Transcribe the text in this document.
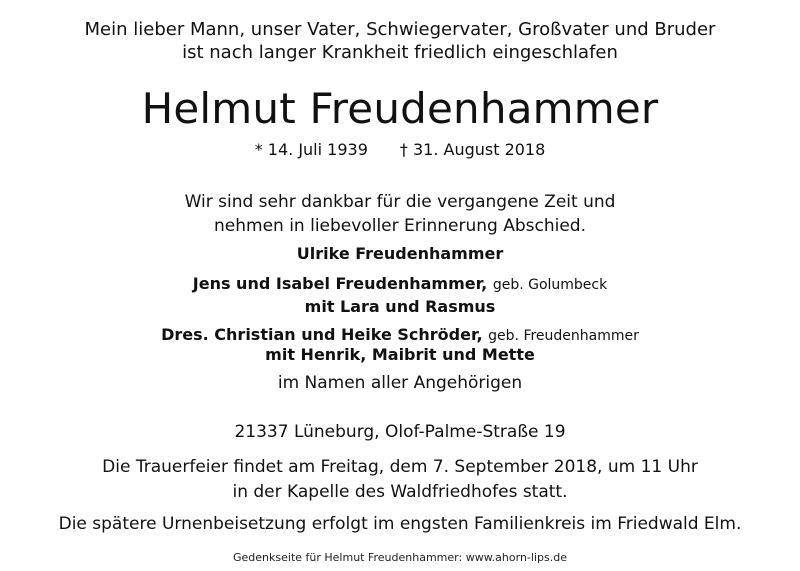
Mein lieber Mann, unser Vater, Schwiegervater, Großvater und Bruder
ist nach langer Krankheit friedlich eingeschlafen
Helmut Freudenhammer
* 14. Juli 1939 † 31. August 2018
Wir sind sehr dankbar für die vergangene Zeit und
nehmen in liebevoller Erinnerung Abschied.
Ulrike Freudenhammer
Jens und Isabel Freudenhammer, geb. Golumbeck
mit Lara und Rasmus
Dres. Christian und Heike Schröder, geb. Freudenhammer
mit Henrik, Maibrit und Mette
im Namen aller Angehörigen
21337 Lüneburg, Olof-Palme-Straße 19
Die Trauerfeier findet am Freitag, dem 7. September 2018, um 11 Uhr
in der Kapelle des Waldfriedhofes statt.
Die spätere Urnenbeisetzung erfolgt im engsten Familienkreis im Friedwald Elm.
Gedenkseite für Helmut Freudenhammer: www.ahorn-lips.de
